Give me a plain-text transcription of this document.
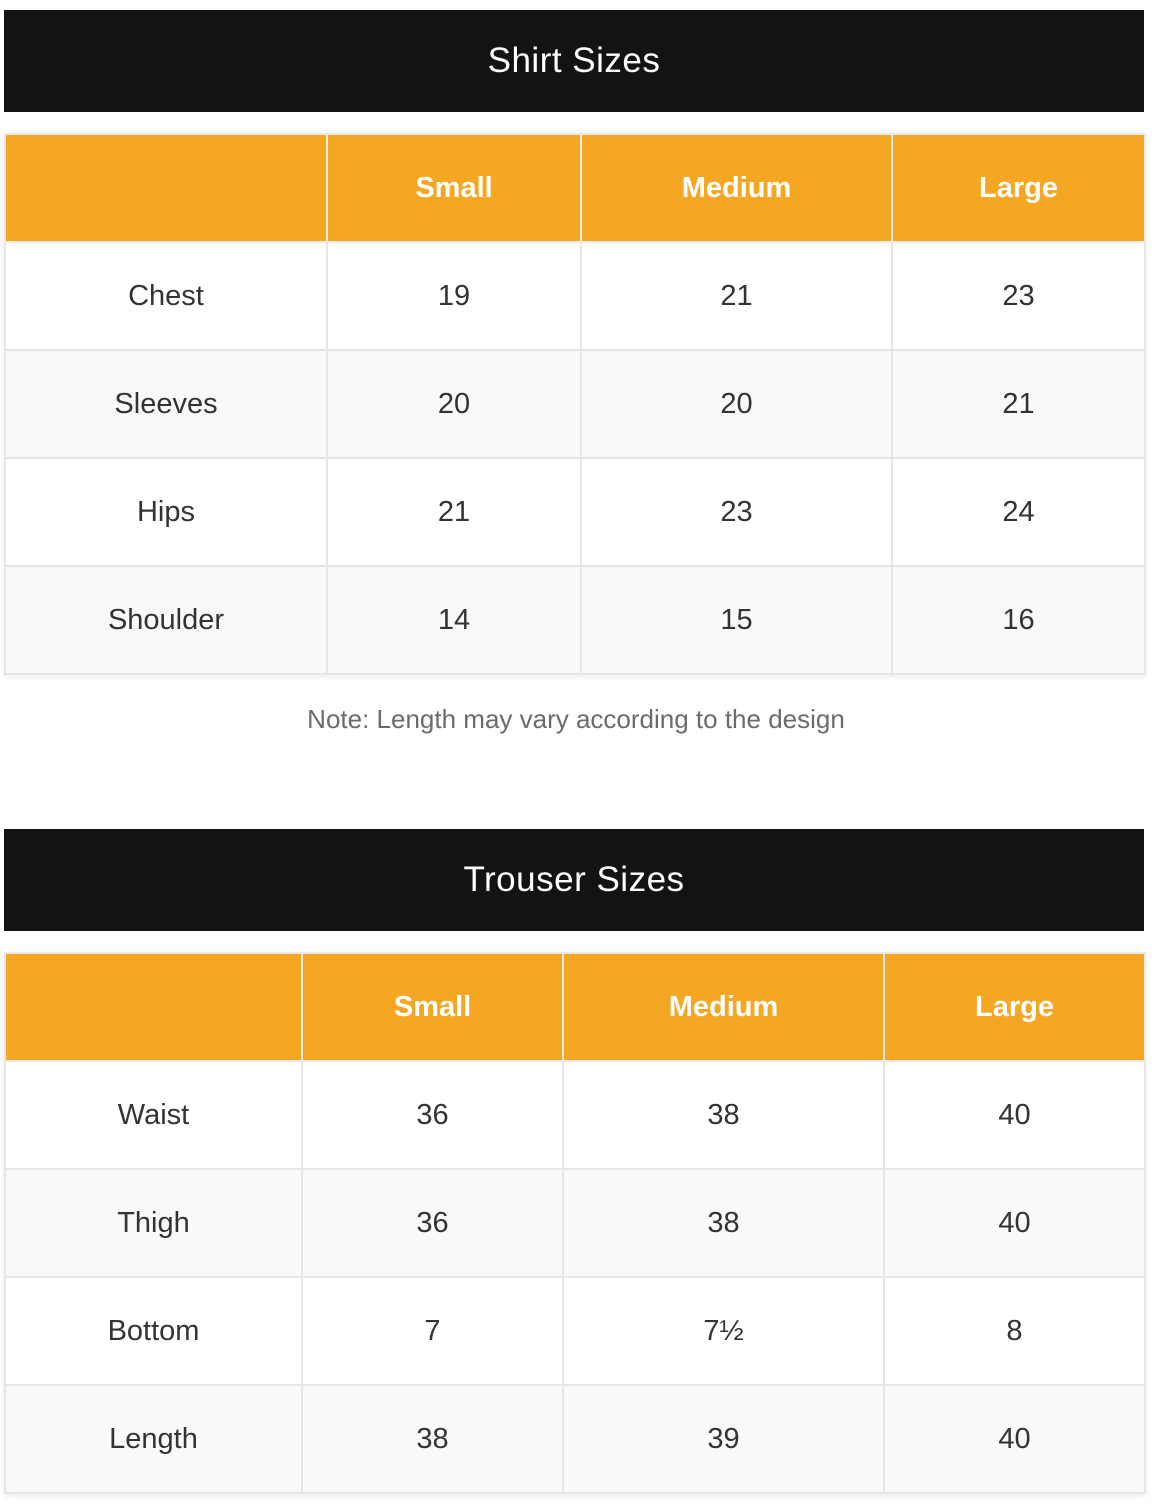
Shirt Sizes
	Small	Medium	Large
Chest	19	21	23
Sleeves	20	20	21
Hips	21	23	24
Shoulder	14	15	16
Note: Length may vary according to the design
Trouser Sizes
	Small	Medium	Large
Waist	36	38	40
Thigh	36	38	40
Bottom	7	7½	8
Length	38	39	40
